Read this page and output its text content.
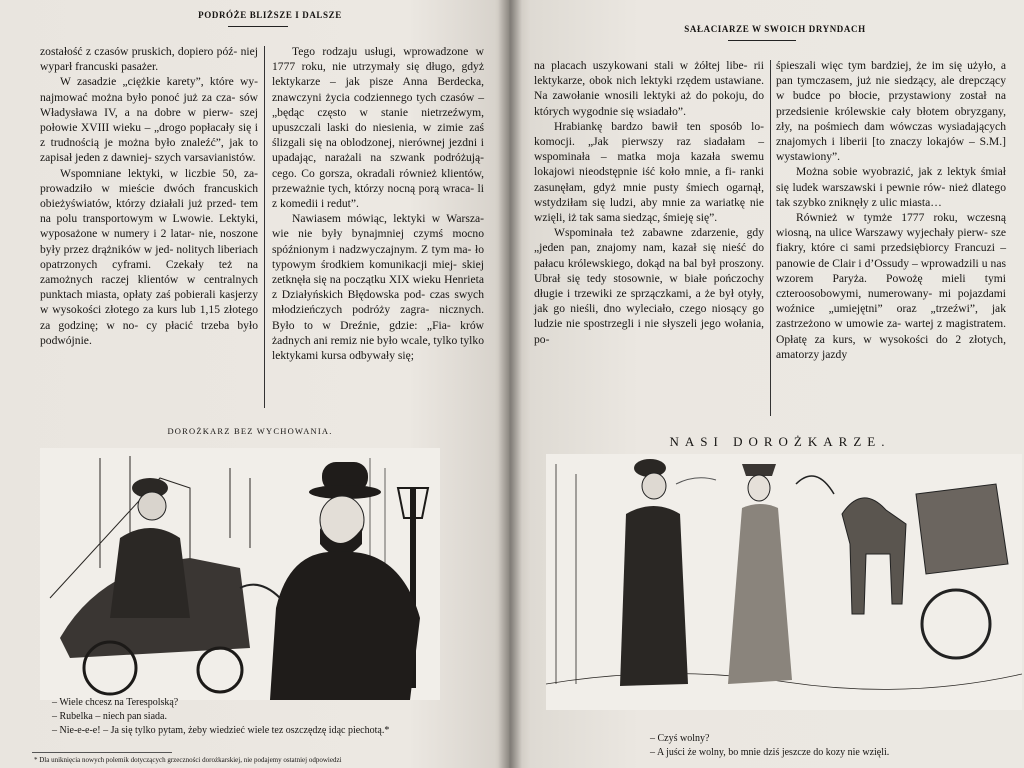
PODRÓŻE BLIŻSZE I DALSZE

zostałość z czasów pruskich, dopiero póź- niej wyparł francuski pasażer.

W zasadzie „ciężkie karety”, które wy- najmować można było ponoć już za cza- sów Władysława IV, a na dobre w pierw- szej połowie XVIII wieku – „drogo popłacały się i z trudnością je można było znaleźć”, jak to zapisał jeden z dawniej- szych varsavianistów.

Wspomniane lektyki, w liczbie 50, za- prowadziło w mieście dwóch francuskich obieżyświatów, którzy działali już przed- tem na polu transportowym w Lwowie. Lektyki, wyposażone w numery i 2 latar- nie, noszone były przez drążników w jed- nolitych liberiach opatrzonych cyframi. Czekały też na zamożnych raczej klientów w centralnych punktach miasta, opłaty zaś pobierali kasjerzy w wysokości złotego za kurs lub 1,15 złotego za godzinę; w no- cy płacić trzeba było podwójnie.

Tego rodzaju usługi, wprowadzone w 1777 roku, nie utrzymały się długo, gdyż lektykarze – jak pisze Anna Berdecka, znawczyni życia codziennego tych czasów – „będąc często w stanie nietrzeźwym, upuszczali laski do niesienia, w zimie zaś ślizgali się na oblodzonej, nierównej jezdni i upadając, narażali na szwank podróżują- cego. Co gorsza, okradali również klientów, przeważnie tych, którzy nocną porą wraca- li z komedii i redut”.

Nawiasem mówiąc, lektyki w Warsza- wie nie były bynajmniej czymś mocno spóźnionym i nadzwyczajnym. Z tym ma- ło typowym środkiem komunikacji miej- skiej zetknęła się na początku XIX wieku Henrieta z Działyńskich Błędowska pod- czas swych młodzieńczych podróży zagra- nicznych. Było to w Dreźnie, gdzie: „Fia- krów żadnych ani remiz nie było wcale, tylko tylko lektykami kursa odbywały się;

DOROŻKARZ BEZ WYCHOWANIA.
– Wiele chcesz na Terespolską?
– Rubelka – niech pan siada.
– Nie-e-e-e! – Ja się tylko pytam, żeby wiedzieć wiele tez oszczędzę idąc piechotą.*
* Dla uniknięcia nowych polemik dotyczących grzeczności dorożkarskiej, nie podajemy ostatniej odpowiedzi
SAŁACIARZE W SWOICH DRYNDACH

na placach uszykowani stali w żółtej libe- rii lektykarze, obok nich lektyki rzędem ustawiane. Na zawołanie wnosili lektyki aż do pokoju, do których wygodnie się wsiadało”.

Hrabiankę bardzo bawił ten sposób lo- komocji. „Jak pierwszy raz siadałam – wspominała – matka moja kazała swemu lokajowi nieodstępnie iść koło mnie, a fi- ranki zasunęłam, gdyż mnie pusty śmiech ogarnął, wstydziłam się ludzi, aby mnie za wariatkę nie wzięli, iż tak sama siedząc, śmieję się”.

Wspominała też zabawne zdarzenie, gdy „jeden pan, znajomy nam, kazał się nieść do pałacu królewskiego, dokąd na bal był proszony. Ubrał się tedy stosownie, w białe pończochy długie i trzewiki ze sprzączkami, a że był otyły, jak go nieśli, dno wyleciało, czego niosący go ludzie nie spostrzegli i nie słyszeli jego wołania, po-

śpieszali więc tym bardziej, że im się użyło, a pan tymczasem, już nie siedzący, ale drepczący w budce po błocie, przystawiony został na przedsienie królewskie cały błotem obryzgany, zły, na pośmiech dam wówczas wysiadających znajomych i liberii [to znaczy lokajów – S.M.] wystawiony”.

Można sobie wyobrazić, jak z lektyk śmiał się ludek warszawski i pewnie rów- nież dlatego tak szybko zniknęły z ulic miasta…

Również w tymże 1777 roku, wczesną wiosną, na ulice Warszawy wyjechały pierw- sze fiakry, które ci sami przedsiębiorcy Francuzi – panowie de Clair i d’Ossudy – wprowadzili u nas wzorem Paryża. Powożę mieli tymi czteroosobowymi, numerowany- mi pojazdami woźnice „umiejętni” oraz „trzeźwi”, jak zastrzeżono w umowie za- wartej z magistratem. Opłatę za kurs, w wysokości do 2 złotych, amatorzy jazdy

NASI DOROŻKARZE.
– Czyś wolny?
– A juści że wolny, bo mnie dziś jeszcze do kozy nie wzięli.
